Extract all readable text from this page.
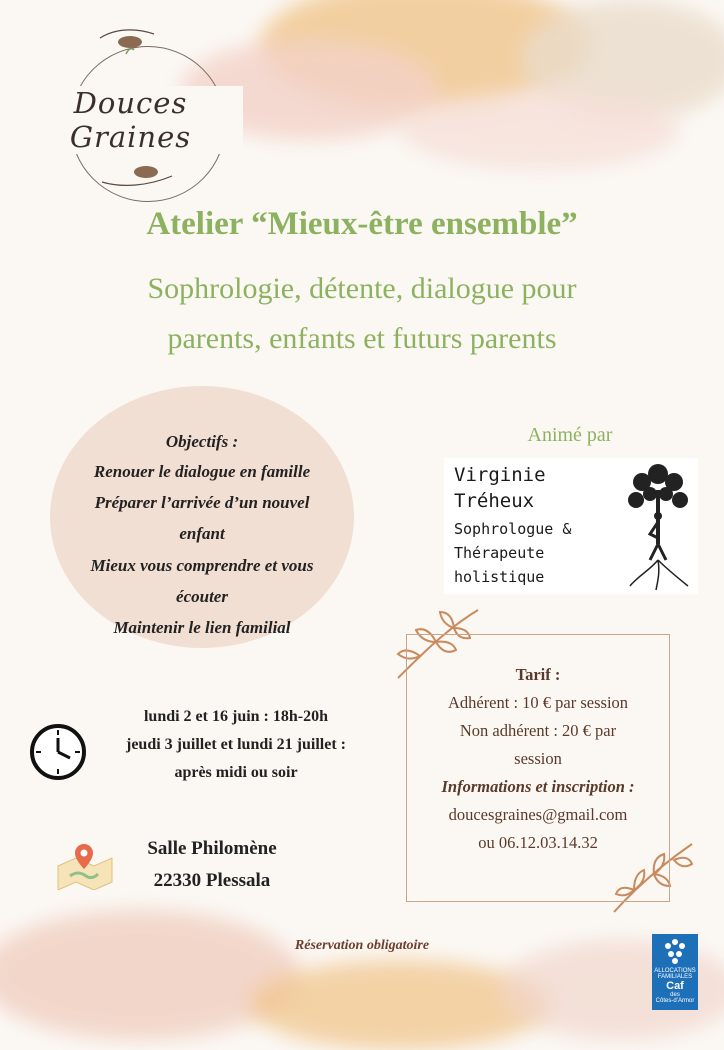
Douces Graines
Atelier “Mieux-être ensemble”
Sophrologie, détente, dialogue pour
parents, enfants et futurs parents
Objectifs :
Renouer le dialogue en famille
Préparer l’arrivée d’un nouvel
enfant
Mieux vous comprendre et vous
écouter
Maintenir le lien familial
Animé par
Virginie
Tréheux
Sophrologue &
Thérapeute
holistique
Tarif :
Adhérent : 10 € par session
Non adhérent : 20 € par
session
Informations et inscription :
doucesgraines@gmail.com
ou 06.12.03.14.32
lundi 2 et 16 juin : 18h-20h
jeudi 3 juillet et lundi 21 juillet :
après midi ou soir
Salle Philomène
22330 Plessala
Réservation obligatoire
ALLOCATIONS
FAMILIALES
Caf
des
Côtes-d’Armor
